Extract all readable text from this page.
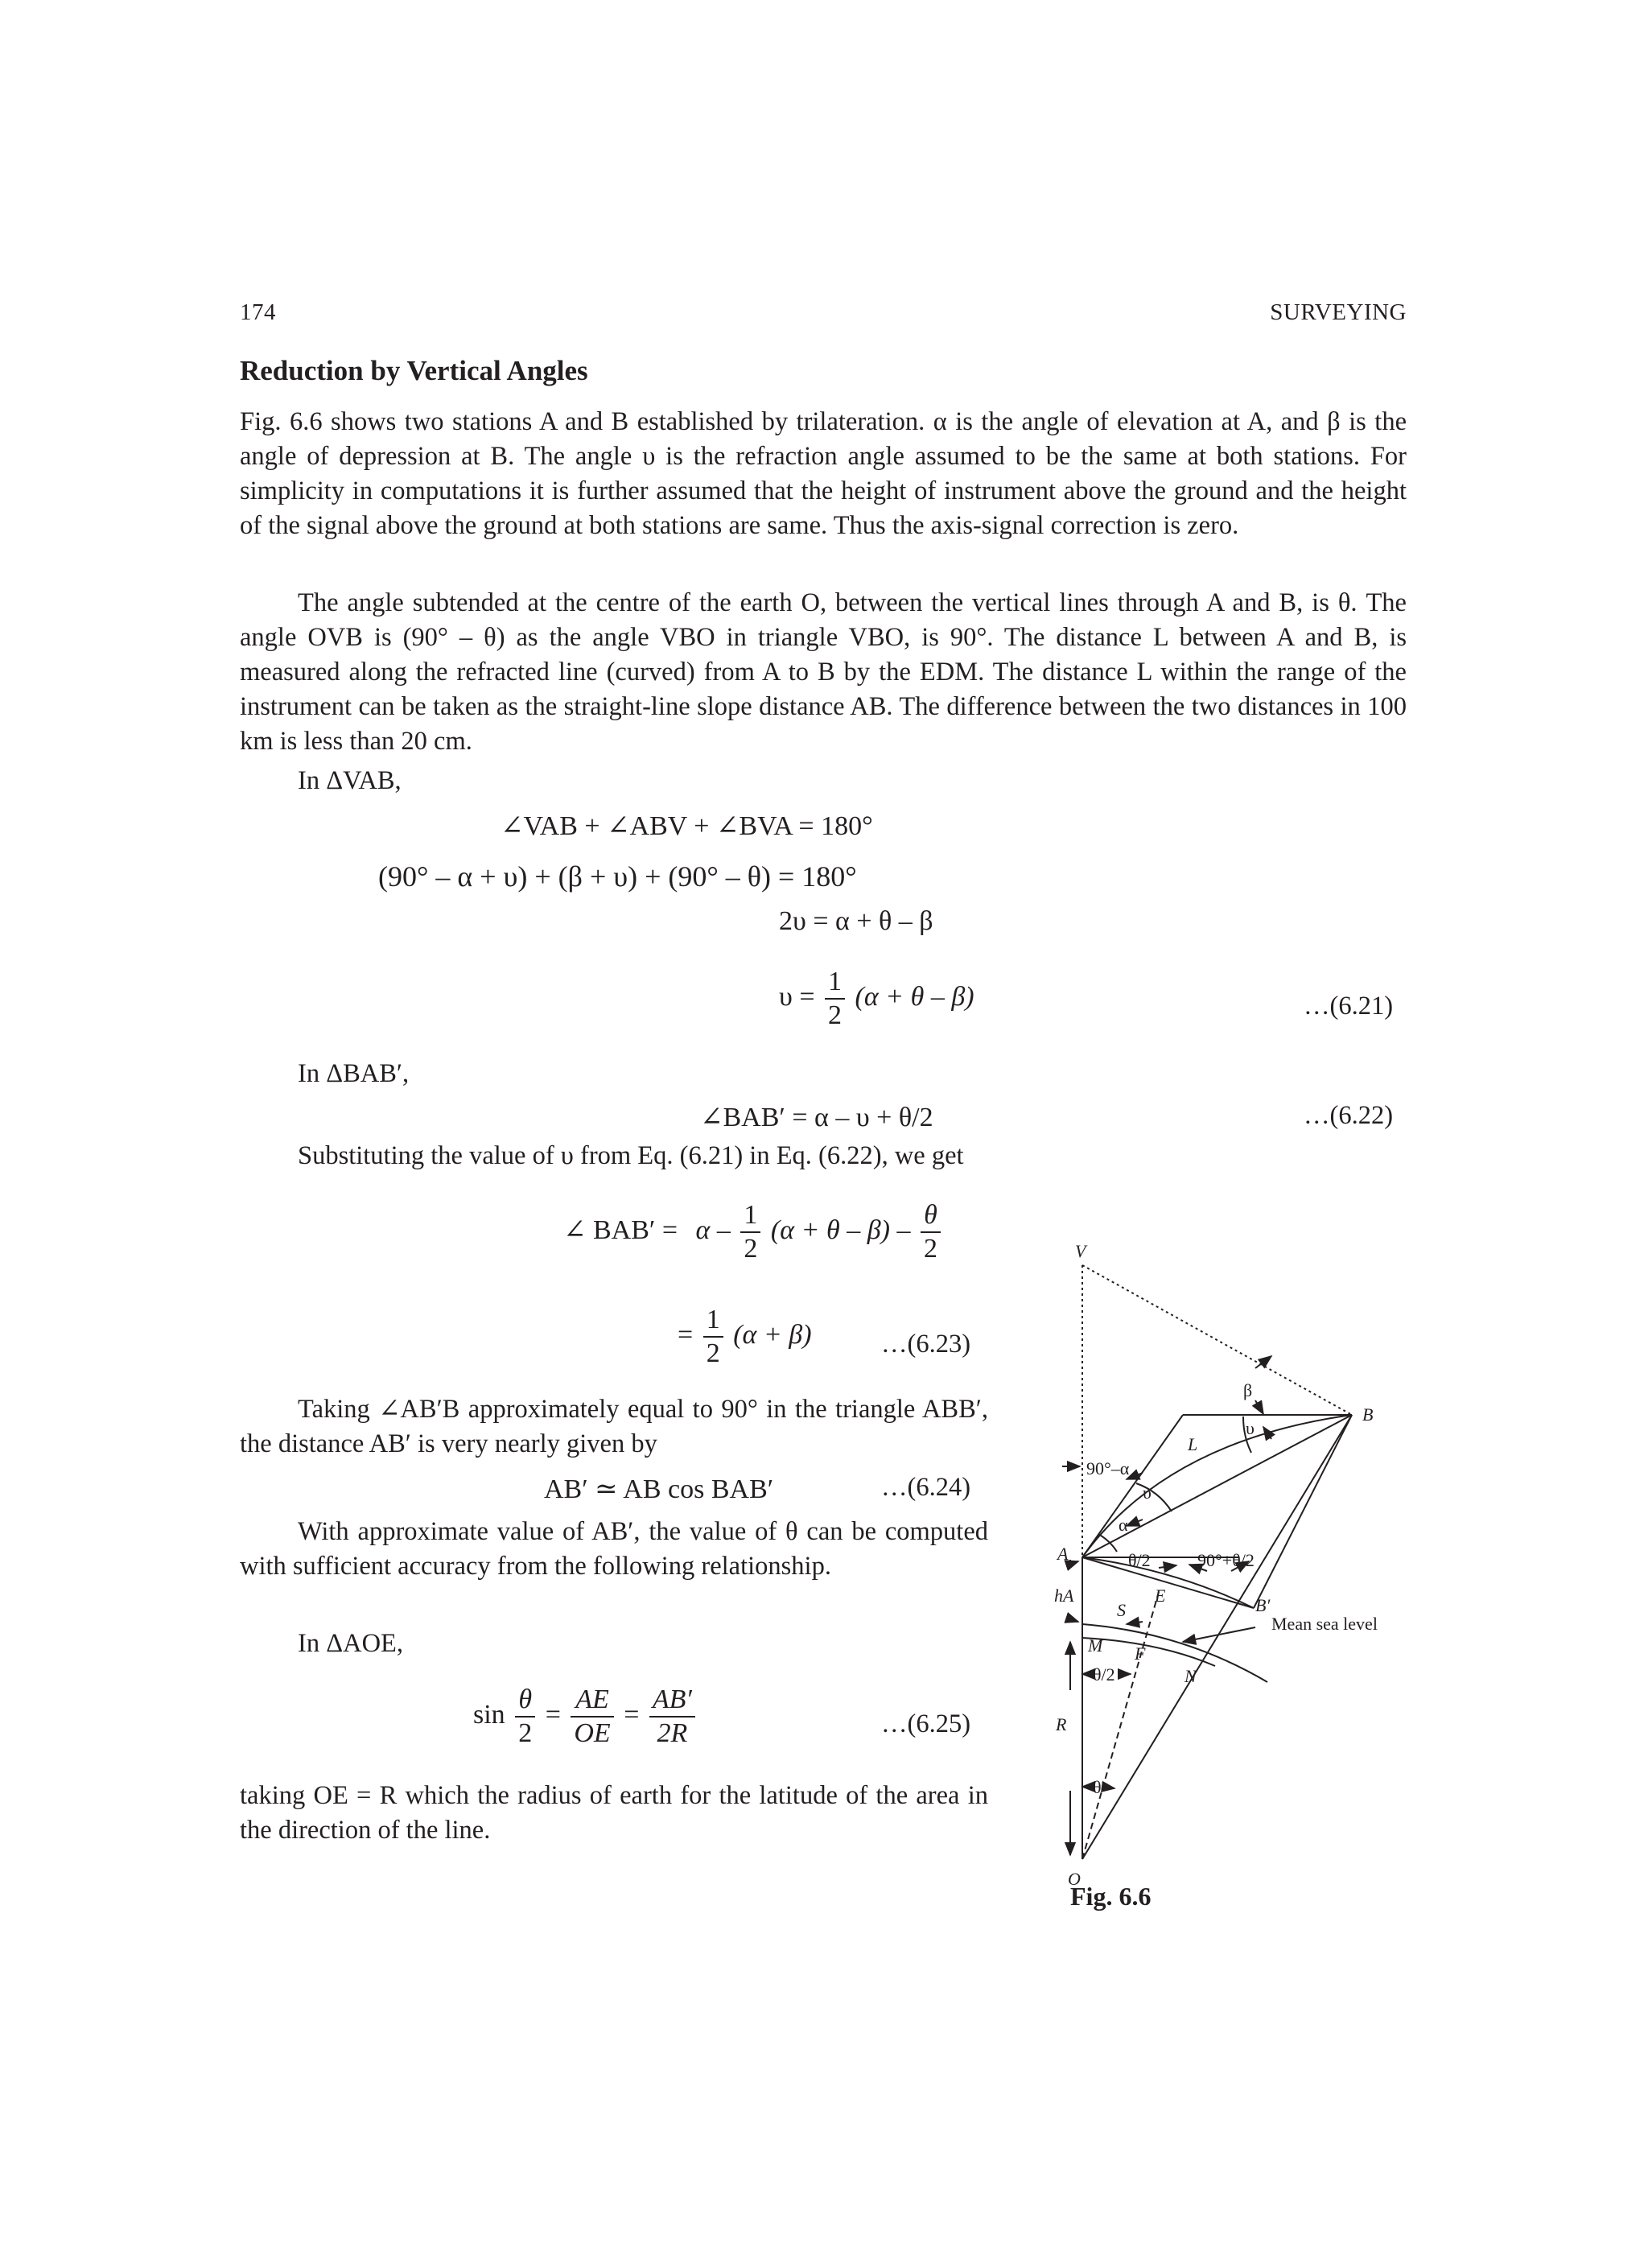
174	SURVEYING
Reduction by Vertical Angles

Fig. 6.6 shows two stations A and B established by trilateration. α is the angle of elevation at A, and β is the angle of depression at B. The angle υ is the refraction angle assumed to be the same at both stations. For simplicity in computations it is further assumed that the height of instrument above the ground and the height of the signal above the ground at both stations are same. Thus the axis-signal correction is zero.

The angle subtended at the centre of the earth O, between the vertical lines through A and B, is θ. The angle OVB is (90° – θ) as the angle VBO in triangle VBO, is 90°. The distance L between A and B, is measured along the refracted line (curved) from A to B by the EDM. The distance L within the range of the instrument can be taken as the straight-line slope distance AB. The difference between the two distances in 100 km is less than 20 cm.

In ΔVAB,
∠VAB + ∠ABV + ∠BVA = 180°
(90° – α + υ) + (β + υ) + (90° – θ) = 180°
2υ = α + θ – β
$\upsilon = \frac{1}{2} (\alpha + \theta - \beta)$	…(6.21)
In ΔBAB′,
∠BAB′ = α – υ + θ/2	…(6.22)
Substituting the value of υ from Eq. (6.21) in Eq. (6.22), we get
∠ $BAB' = \alpha - \frac{1}{2} (\alpha + \theta - \beta) - \frac{\theta}{2}$
= $\frac{1}{2} (\alpha + \beta)$	…(6.23)

Taking ∠AB′B approximately equal to 90° in the triangle ABB′, the distance AB′ is very nearly given by

AB′ ≃ AB cos BAB′	…(6.24)

With approximate value of AB′, the value of θ can be computed with sufficient accuracy from the following relationship.

In ΔAOE,
$\sin \frac{\theta}{2} = \frac{AE}{OE} = \frac{AB'}{2R}$	…(6.25)

taking OE = R which the radius of earth for the latitude of the area in the direction of the line.

V
B
A
O
L
E
S
M F
N
R
B′
hA
β
υ
υ
α
90°–α
θ/2	90°+θ/2
θ/2
θ
Mean sea level
Fig. 6.6
